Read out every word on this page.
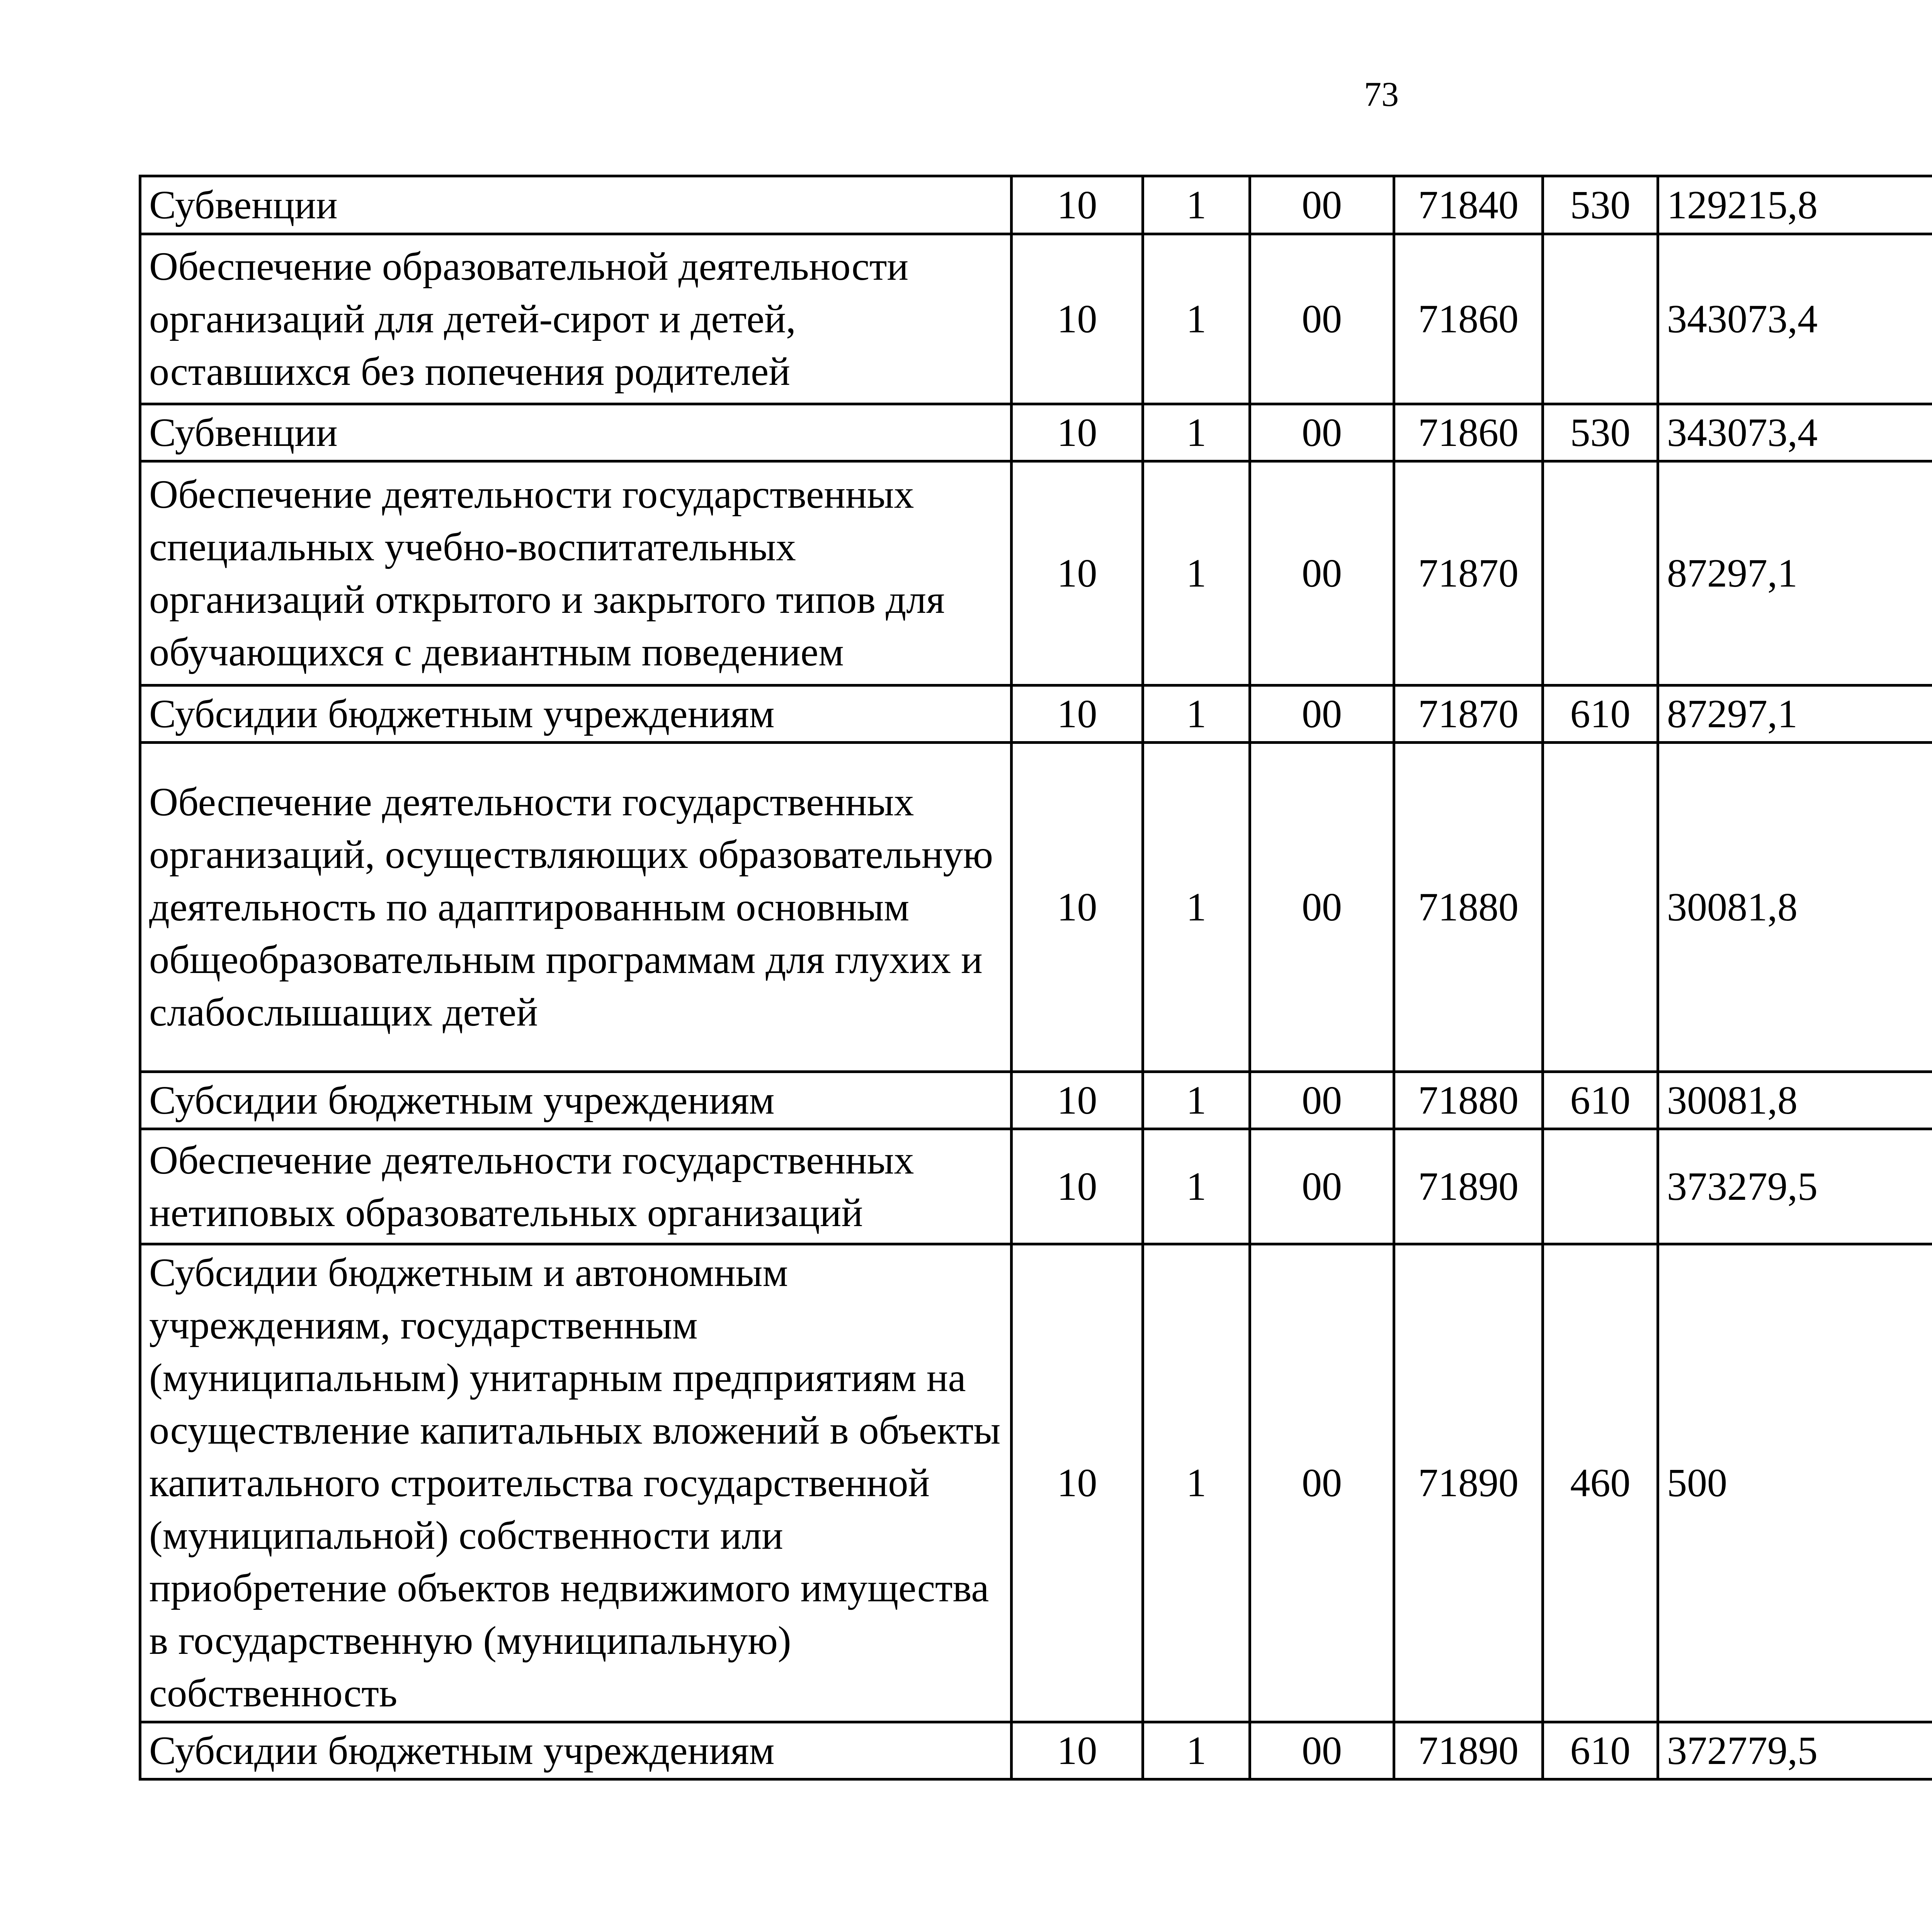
73
Субвенции	10	1	00	71840	530	129215,8		
Обеспечение образовательной деятельности организаций для детей-сирот и детей, оставшихся без попечения родителей	10	1	00	71860		343073,4		
Субвенции	10	1	00	71860	530	343073,4		
Обеспечение деятельности государственных специальных учебно-воспитательных организаций открытого и закрытого типов для обучающихся с девиантным поведением	10	1	00	71870		87297,1		
Субсидии бюджетным учреждениям	10	1	00	71870	610	87297,1		
Обеспечение деятельности государственных организаций, осуществляющих образовательную деятельность по адаптированным основным общеобразовательным программам для глухих и слабослышащих детей	10	1	00	71880		30081,8		
Субсидии бюджетным учреждениям	10	1	00	71880	610	30081,8		
Обеспечение деятельности государственных нетиповых образовательных организаций	10	1	00	71890		373279,5		
Субсидии бюджетным и автономным учреждениям, государственным (муниципальным) унитарным предприятиям на осуществление капитальных вложений в объекты капитального строительства государственной (муниципальной) собственности или приобретение объектов недвижимого имущества в государственную (муниципальную) собственность	10	1	00	71890	460	500		
Субсидии бюджетным учреждениям	10	1	00	71890	610	372779,5		
